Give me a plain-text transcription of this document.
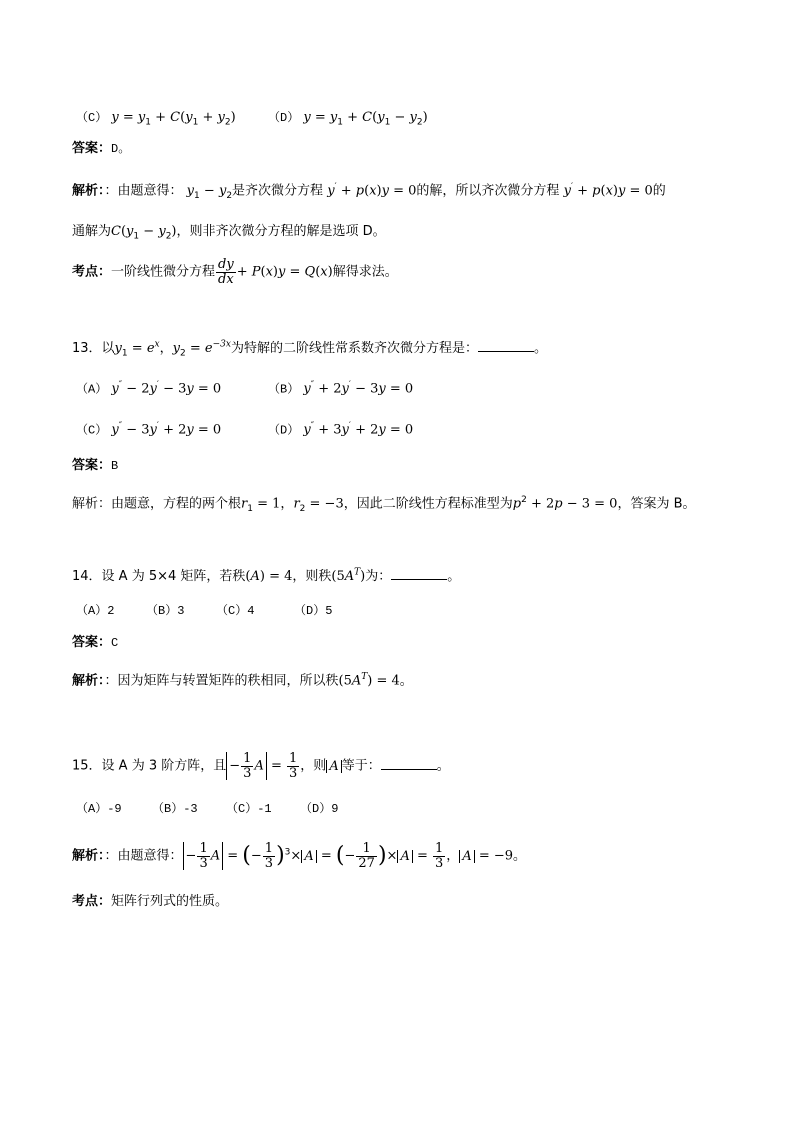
（C） $y = y_1 + C(y_1 + y_2)$	（D） $y = y_1 + C(y_1 - y_2)$
答案：D。
解析：：由题意得： $y_1 - y_2$是齐次微分方程 y′ + p(x)y = 0的解，所以齐次微分方程 y′ + p(x)y = 0的
通解为$C(y_1 - y_2)$，则非齐次微分方程的解是选项 D。
考点：一阶线性微分方程 $\frac{dy}{dx} + P(x)y = Q(x)$解得求法。
13．以$y_1 = e^x$，$y_2 = e^{-3x}$为特解的二阶线性常系数齐次微分方程是：	。
（A） y″ − 2y′ − 3y = 0	（B） y″ + 2y′ − 3y = 0
（C） y″ − 3y′ + 2y = 0	（D） y″ + 3y′ + 2y = 0
答案：B
解析：由题意，方程的两个根$r_1 = 1$，$r_2 = -3$，因此二阶线性方程标准型为$p^2 + 2p - 3 = 0$，答案为 B。
14．设 A 为 5×4 矩阵，若秩(A) = 4，则秩$(5A^T)$为：	。
（A）2	（B）3	（C）4	（D）5
答案：C
解析：：因为矩阵与转置矩阵的秩相同，所以秩$(5A^T) = 4$。
15．设 A 为 3 阶方阵，且 − $\frac{1}{3}$ $A = \frac{1}{3}$ ，则 A 等于：	。
（A）-9	（B）-3 （C）-1 （D）9
解析：：由题意得： − $\frac{1}{3}$ A = (− $\frac{1}{3} )^3\times A$ = (− $\frac{1}{27}$ )× $A = \frac{1}{3}$ ， A = −9。
考点：矩阵行列式的性质。
